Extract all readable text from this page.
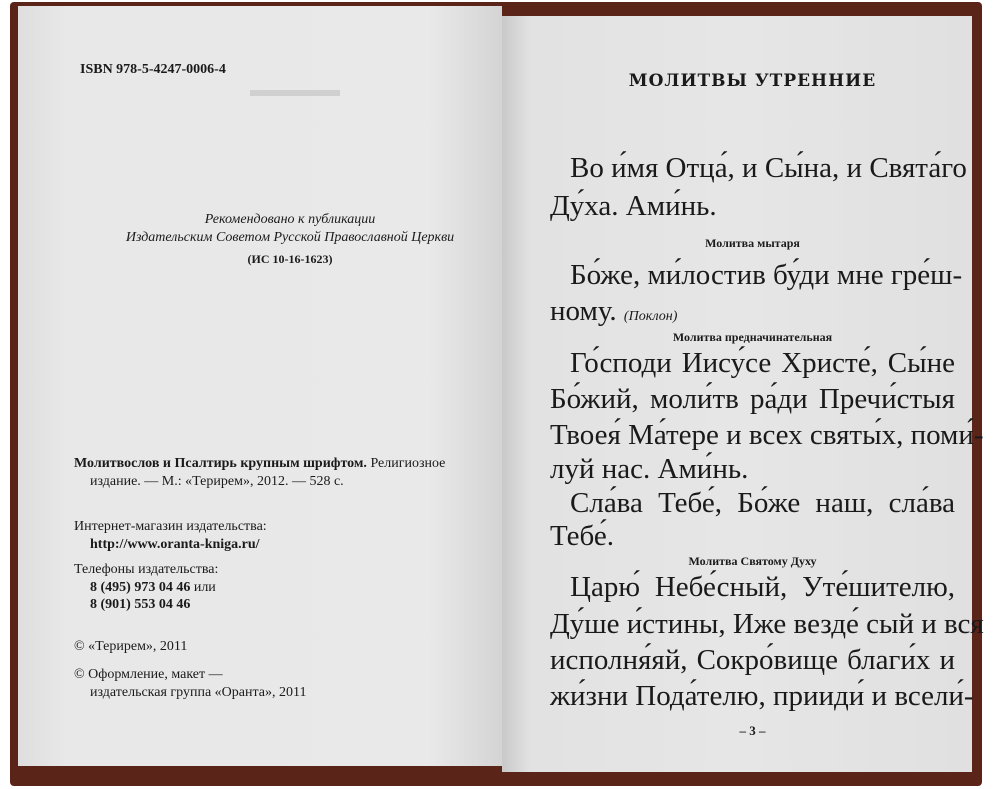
ISBN 978-5-4247-0006-4
Рекомендовано к публикации
Издательским Советом Русской Православной Церкви
(ИС 10-16-1623)
Молитвослов и Псалтирь крупным шрифтом. Религиозное
издание. — М.: «Терирем», 2012. — 528 с.
Интернет-магазин издательства:
http://www.oranta-kniga.ru/
Телефоны издательства:
8 (495) 973 04 46 или
8 (901) 553 04 46
© «Терирем», 2011
© Оформление, макет —
издательская группа «Оранта», 2011
МОЛИТВЫ УТРЕННИЕ
Во и́мя Отца́, и Сы́на, и Свята́го
Ду́ха. Ами́нь.
Молитва мытаря
Бо́же, ми́лостив бу́ди мне гре́ш-
ному. (Поклон)
Молитва предначинательная
Го́споди Иису́се Христе́, Сы́не
Бо́жий, моли́тв ра́ди Пречи́стыя
Твоея́ Ма́тере и всех святы́х, поми́-
луй нас. Ами́нь.
Сла́ва Тебе́, Бо́же наш, сла́ва
Тебе́.
Молитва Святому Духу
Царю́ Небе́сный, Уте́шителю,
Ду́ше и́стины, Иже везде́ сый и вся
исполня́яй, Сокро́вище благи́х и
жи́зни Пода́телю, прииди́ и всели́-
– 3 –
